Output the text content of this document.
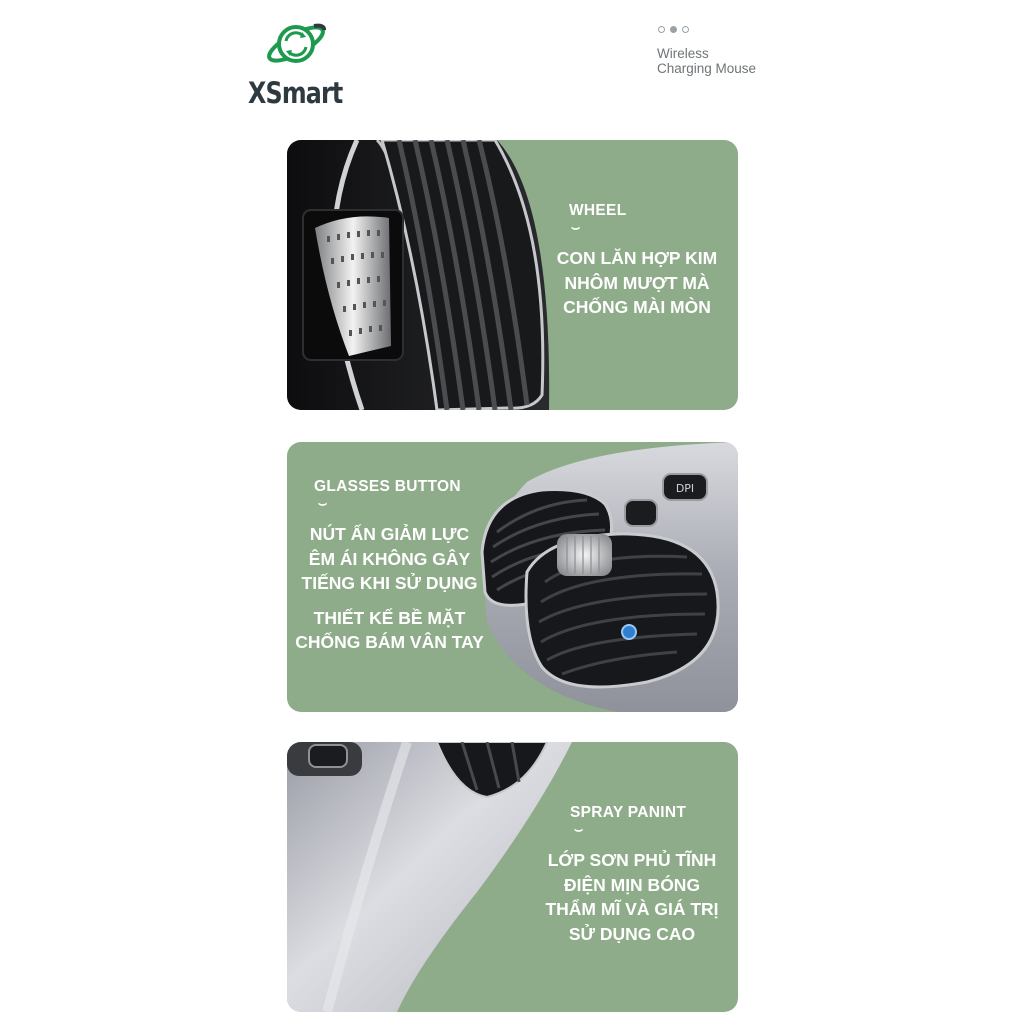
XSmart
Wireless
Charging Mouse
WHEEL
⌣
CON LĂN HỢP KIM
NHÔM MƯỢT MÀ
CHỐNG MÀI MÒN
DPI
GLASSES BUTTON
⌣
NÚT ẤN GIẢM LỰC
ÊM ÁI KHÔNG GÂY
TIẾNG KHI SỬ DỤNG
THIẾT KẾ BỀ MẶT
CHỐNG BÁM VÂN TAY
SPRAY PANINT
⌣
LỚP SƠN PHỦ TĨNH
ĐIỆN MỊN BÓNG
THẨM MĨ VÀ GIÁ TRỊ
SỬ DỤNG CAO
